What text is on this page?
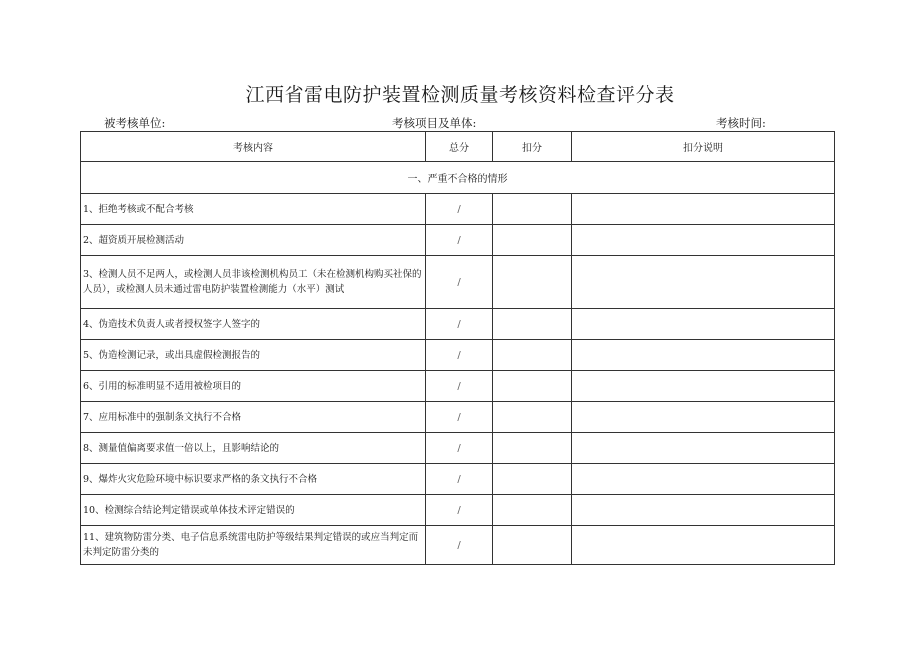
江西省雷电防护装置检测质量考核资料检查评分表
被考核单位:	考核项目及单体:	考核时间:
考核内容	总分	扣分	扣分说明
一、严重不合格的情形			
1、拒绝考核或不配合考核	/		
2、超资质开展检测活动	/		
3、检测人员不足两人，或检测人员非该检测机构员工（未在检测机构购买社保的人员），或检测人员未通过雷电防护装置检测能力（水平）测试	/		
4、伪造技术负责人或者授权签字人签字的	/		
5、伪造检测记录，或出具虚假检测报告的	/		
6、引用的标准明显不适用被检项目的	/		
7、应用标准中的强制条文执行不合格	/		
8、测量值偏离要求值一倍以上，且影响结论的	/		
9、爆炸火灾危险环境中标识要求严格的条文执行不合格	/		
10、检测综合结论判定错误或单体技术评定错误的	/		
11、建筑物防雷分类、电子信息系统雷电防护等级结果判定错误的或应当判定而未判定防雷分类的	/		
